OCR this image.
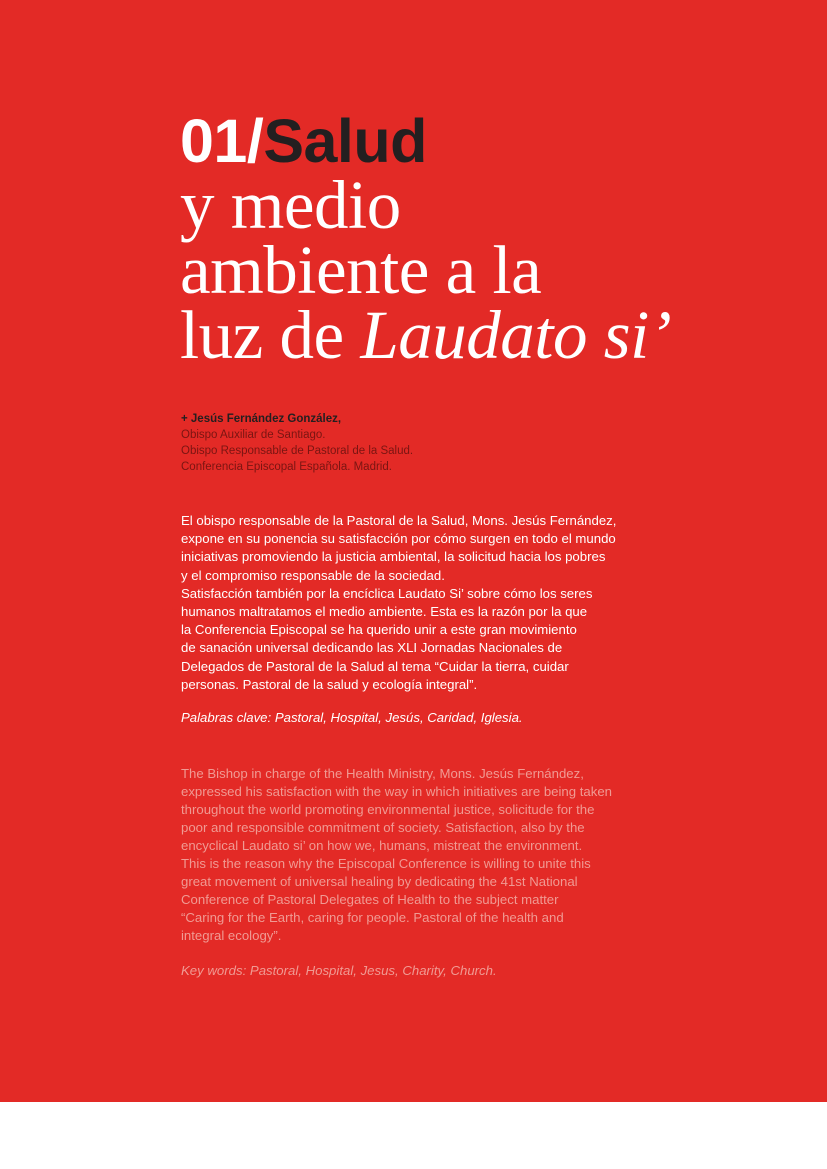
01/Salud
y medio
ambiente a la
luz de Laudato si’
+ Jesús Fernández González,
Obispo Auxiliar de Santiago.
Obispo Responsable de Pastoral de la Salud.
Conferencia Episcopal Española. Madrid.
El obispo responsable de la Pastoral de la Salud, Mons. Jesús Fernández,
expone en su ponencia su satisfacción por cómo surgen en todo el mundo
iniciativas promoviendo la justicia ambiental, la solicitud hacia los pobres
y el compromiso responsable de la sociedad.
Satisfacción también por la encíclica Laudato Si’ sobre cómo los seres
humanos maltratamos el medio ambiente. Esta es la razón por la que
la Conferencia Episcopal se ha querido unir a este gran movimiento
de sanación universal dedicando las XLI Jornadas Nacionales de
Delegados de Pastoral de la Salud al tema “Cuidar la tierra, cuidar
personas. Pastoral de la salud y ecología integral”.
Palabras clave: Pastoral, Hospital, Jesús, Caridad, Iglesia.
The Bishop in charge of the Health Ministry, Mons. Jesús Fernández,
expressed his satisfaction with the way in which initiatives are being taken
throughout the world promoting environmental justice, solicitude for the
poor and responsible commitment of society. Satisfaction, also by the
encyclical Laudato si’ on how we, humans, mistreat the environment.
This is the reason why the Episcopal Conference is willing to unite this
great movement of universal healing by dedicating the 41st National
Conference of Pastoral Delegates of Health to the subject matter
“Caring for the Earth, caring for people. Pastoral of the health and
integral ecology”.
Key words: Pastoral, Hospital, Jesus, Charity, Church.
